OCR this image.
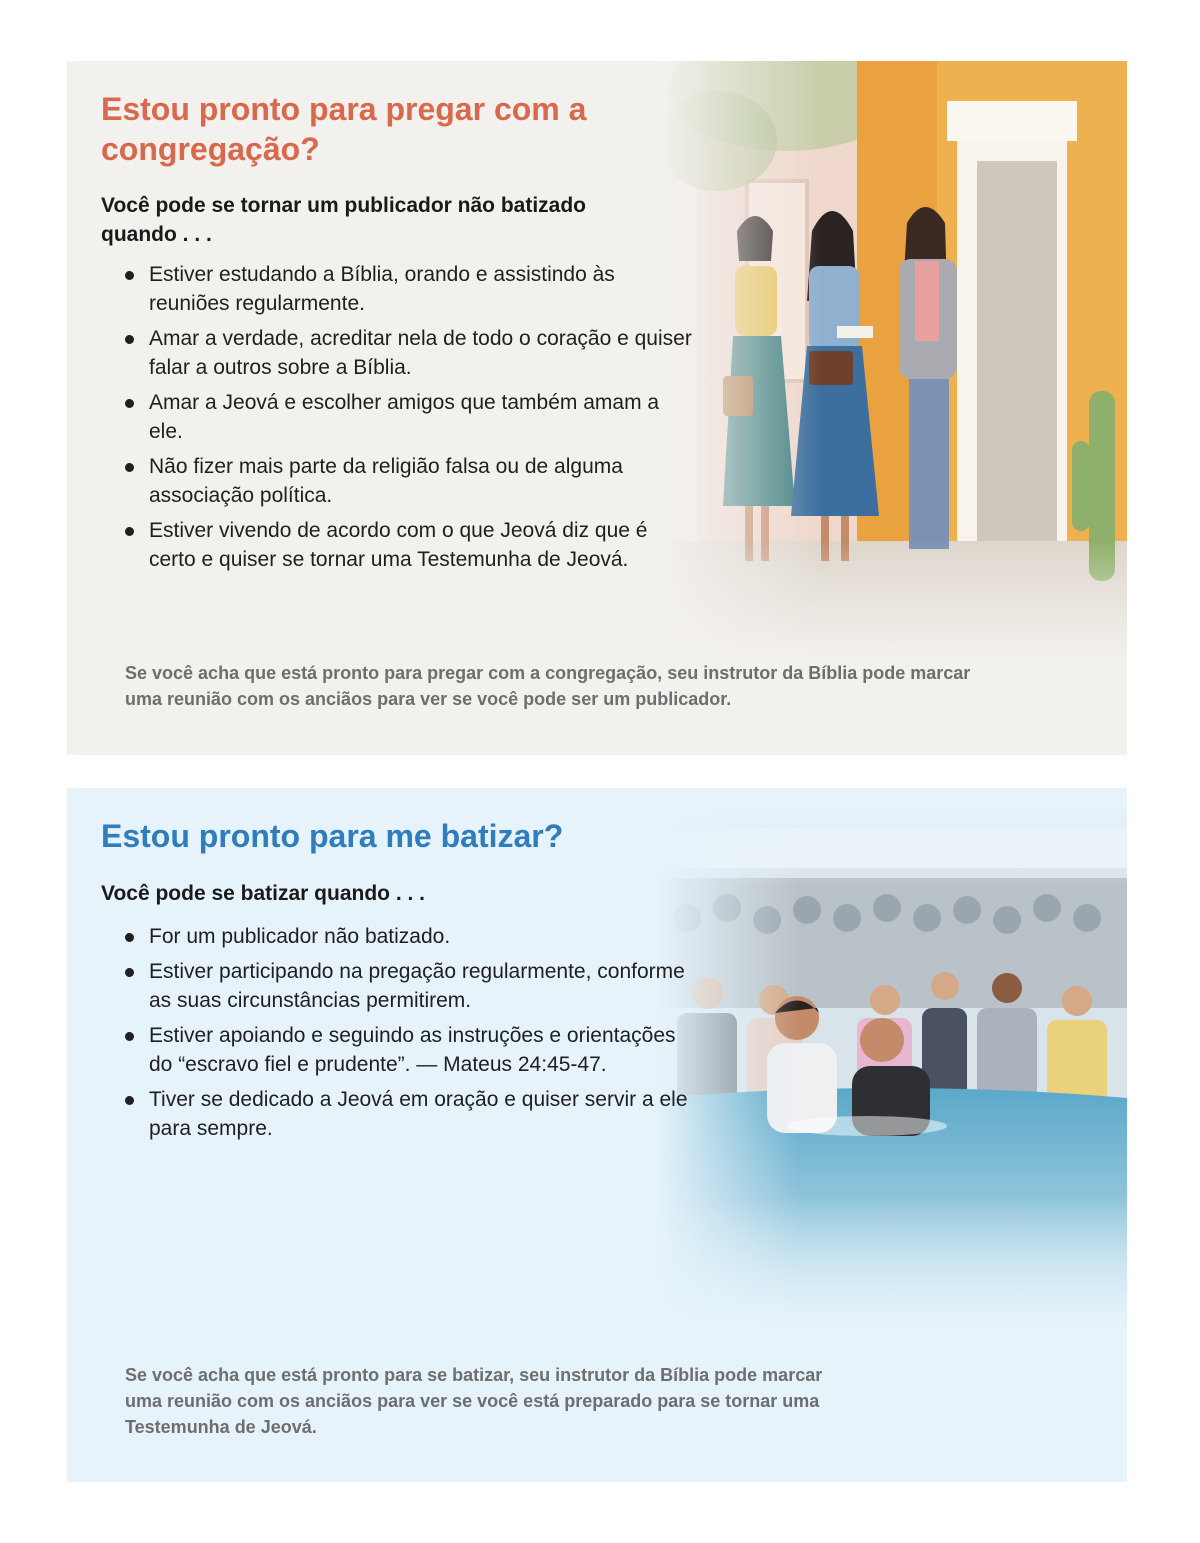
Estou pronto para pregar com a congregação?
Você pode se tornar um publicador não batizado quando . . .
Estiver estudando a Bíblia, orando e assistindo às reuniões regularmente.
Amar a verdade, acreditar nela de todo o coração e quiser falar a outros sobre a Bíblia.
Amar a Jeová e escolher amigos que também amam a ele.
Não fizer mais parte da religião falsa ou de alguma associação política.
Estiver vivendo de acordo com o que Jeová diz que é certo e quiser se tornar uma Testemunha de Jeová.

Se você acha que está pronto para pregar com a congregação, seu instrutor da Bíblia pode marcar uma reunião com os anciãos para ver se você pode ser um publicador.

Estou pronto para me batizar?
Você pode se batizar quando . . .
For um publicador não batizado.
Estiver participando na pregação regularmente, conforme as suas circunstâncias permitirem.
Estiver apoiando e seguindo as instruções e orientações do “escravo fiel e prudente”. — Mateus 24:45-47.
Tiver se dedicado a Jeová em oração e quiser servir a ele para sempre.

Se você acha que está pronto para se batizar, seu instrutor da Bíblia pode marcar uma reunião com os anciãos para ver se você está preparado para se tornar uma Testemunha de Jeová.
